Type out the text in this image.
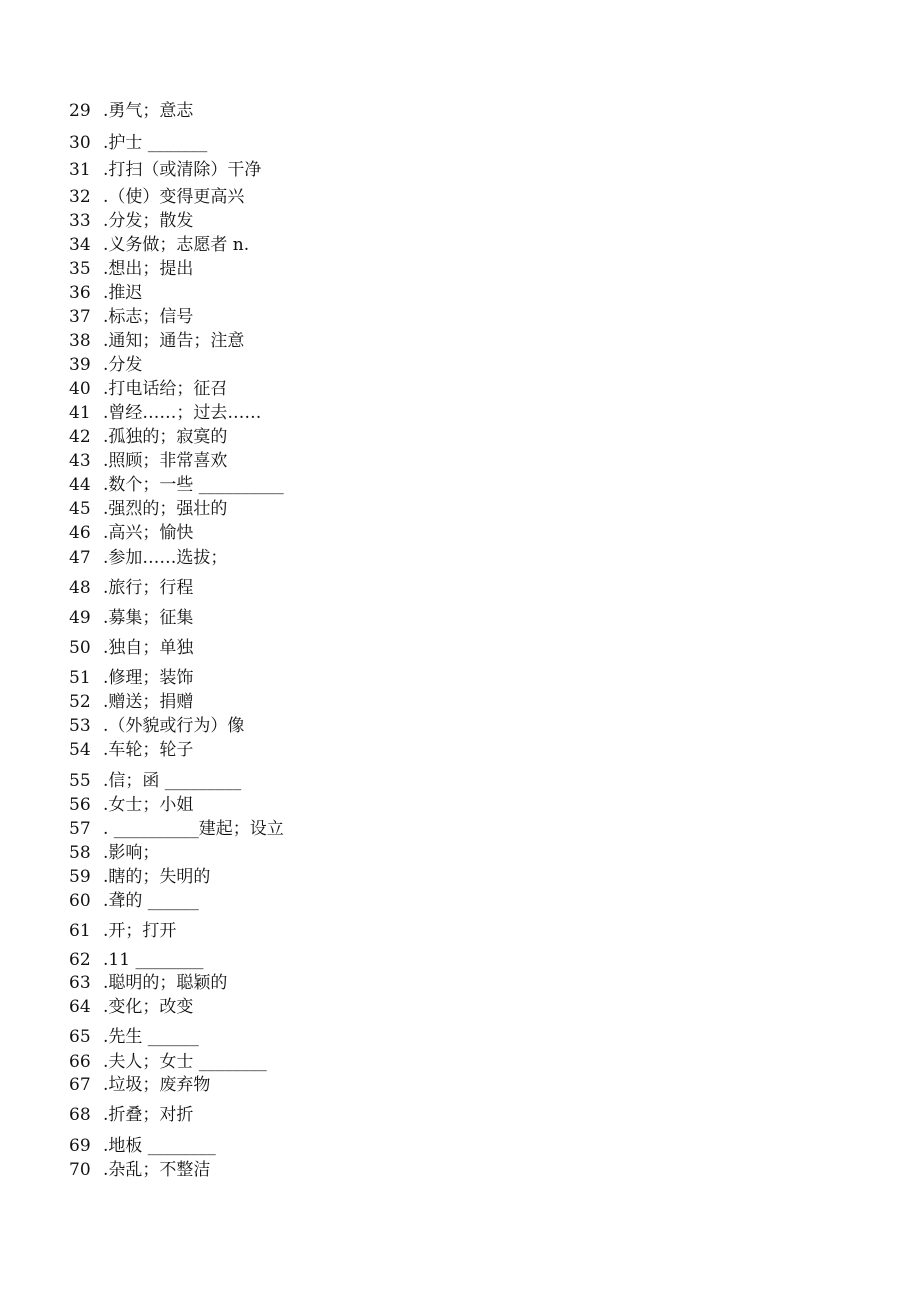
29 .勇气；意志
30 .护士 _______
31 .打扫（或清除）干净
32 .（使）变得更高兴
33 .分发；散发
34 .义务做；志愿者 n.
35 .想出；提出
36 .推迟
37 .标志；信号
38 .通知；通告；注意
39 .分发
40 .打电话给；征召
41 .曾经……；过去……
42 .孤独的；寂寞的
43 .照顾；非常喜欢
44 .数个；一些 __________
45 .强烈的；强壮的
46 .高兴；愉快
47 .参加……选拔；
48 .旅行；行程
49 .募集；征集
50 .独自；单独
51 .修理；装饰
52 .赠送；捐赠
53 .（外貌或行为）像
54 .车轮；轮子
55 .信；函 _________
56 .女士；小姐
57 . __________建起；设立
58 .影响；
59 .瞎的；失明的
60 .聋的 ______
61 .开；打开
62 .11 ________
63 .聪明的；聪颖的
64 .变化；改变
65 .先生 ______
66 .夫人；女士 ________
67 .垃圾；废弃物
68 .折叠；对折
69 .地板 ________
70 .杂乱；不整洁
